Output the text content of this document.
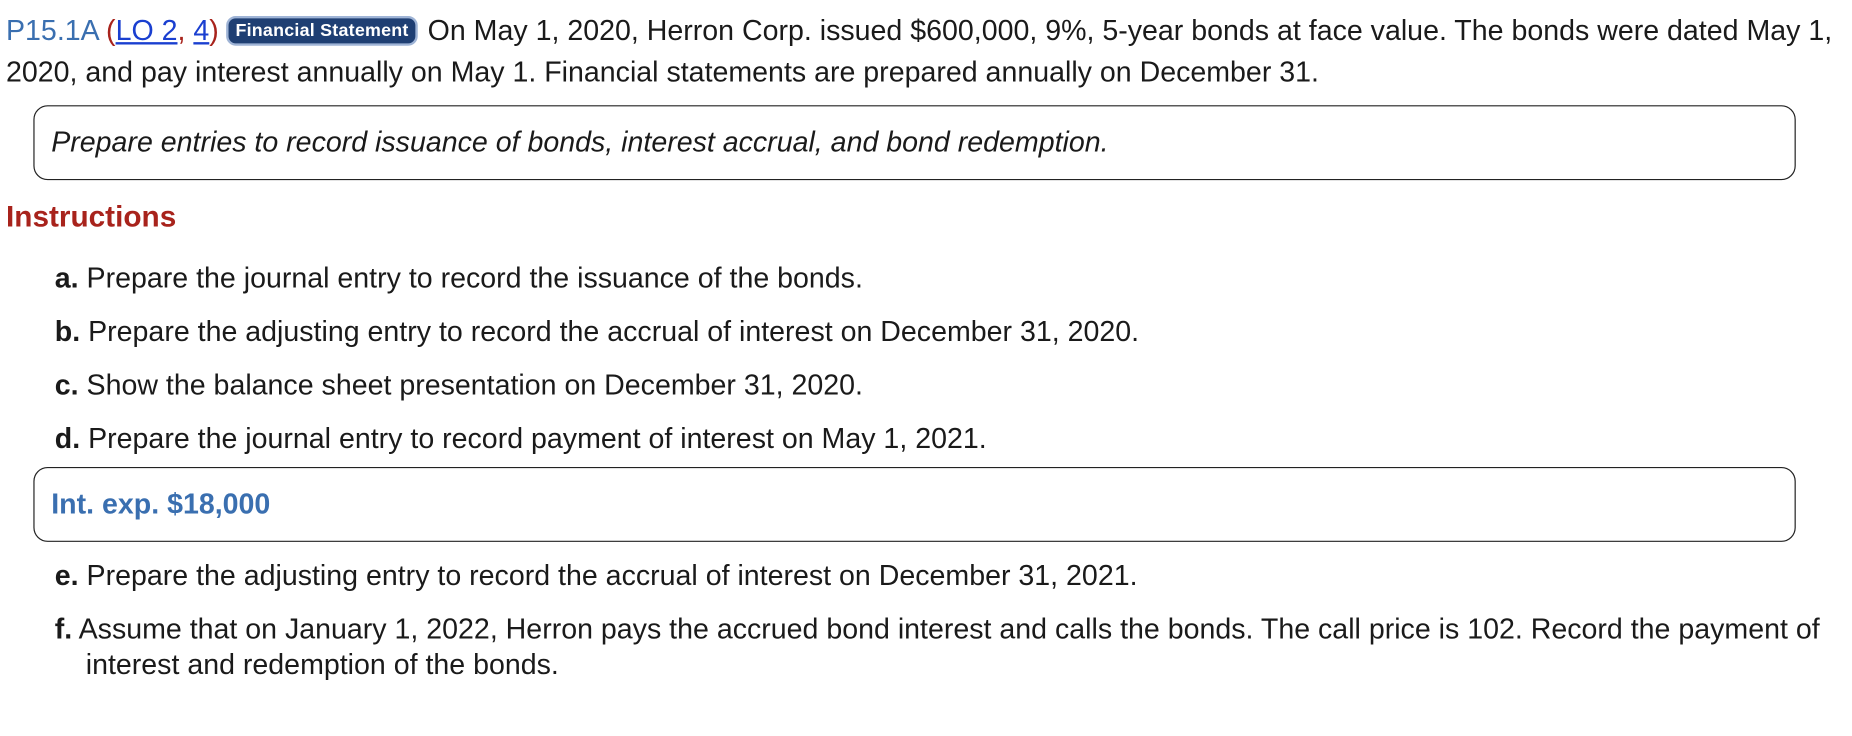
P15.1A (LO 2, 4) Financial Statement On May 1, 2020, Herron Corp. issued $600,000, 9%, 5-year bonds at face value. The bonds were dated May 1, 2020, and pay interest annually on May 1. Financial statements are prepared annually on December 31.

Prepare entries to record issuance of bonds, interest accrual, and bond redemption.
Instructions
a. Prepare the journal entry to record the issuance of the bonds.
b. Prepare the adjusting entry to record the accrual of interest on December 31, 2020.
c. Show the balance sheet presentation on December 31, 2020.
d. Prepare the journal entry to record payment of interest on May 1, 2021.
Int. exp. $18,000
e. Prepare the adjusting entry to record the accrual of interest on December 31, 2021.
f. Assume that on January 1, 2022, Herron pays the accrued bond interest and calls the bonds. The call price is 102. Record the payment of interest and redemption of the bonds.
